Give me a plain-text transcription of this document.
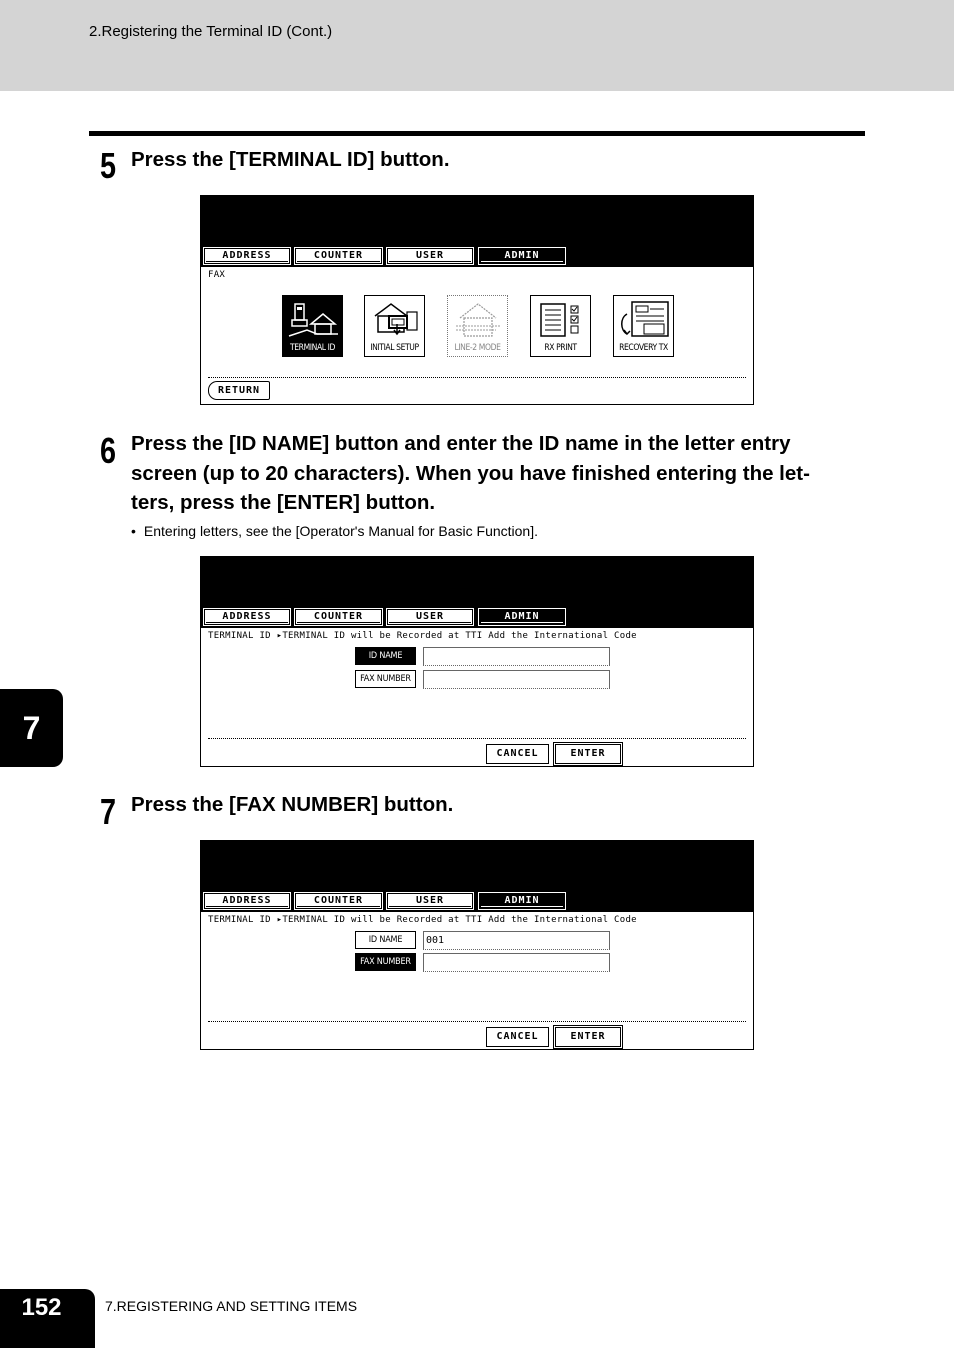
2.Registering the Terminal ID (Cont.)
5 Press the [TERMINAL ID] button.
ADDRESS	COUNTER	USER	ADMIN
FAX
TERMINAL ID	INITIAL SETUP	LINE-2 MODE	RX PRINT	RECOVERY TX
RETURN
6 Press the [ID NAME] button and enter the ID name in the letter entry
screen (up to 20 characters). When you have finished entering the let-
ters, press the [ENTER] button.
• Entering letters, see the [Operator's Manual for Basic Function].
ADDRESS	COUNTER	USER	ADMIN
TERMINAL ID ▸TERMINAL ID will be Recorded at TTI Add the International Code
ID NAME
FAX NUMBER
CANCEL	ENTER
7 Press the [FAX NUMBER] button.
ADDRESS	COUNTER	USER	ADMIN
TERMINAL ID ▸TERMINAL ID will be Recorded at TTI Add the International Code
ID NAME	001
FAX NUMBER
CANCEL	ENTER
7
152	7.REGISTERING AND SETTING ITEMS
